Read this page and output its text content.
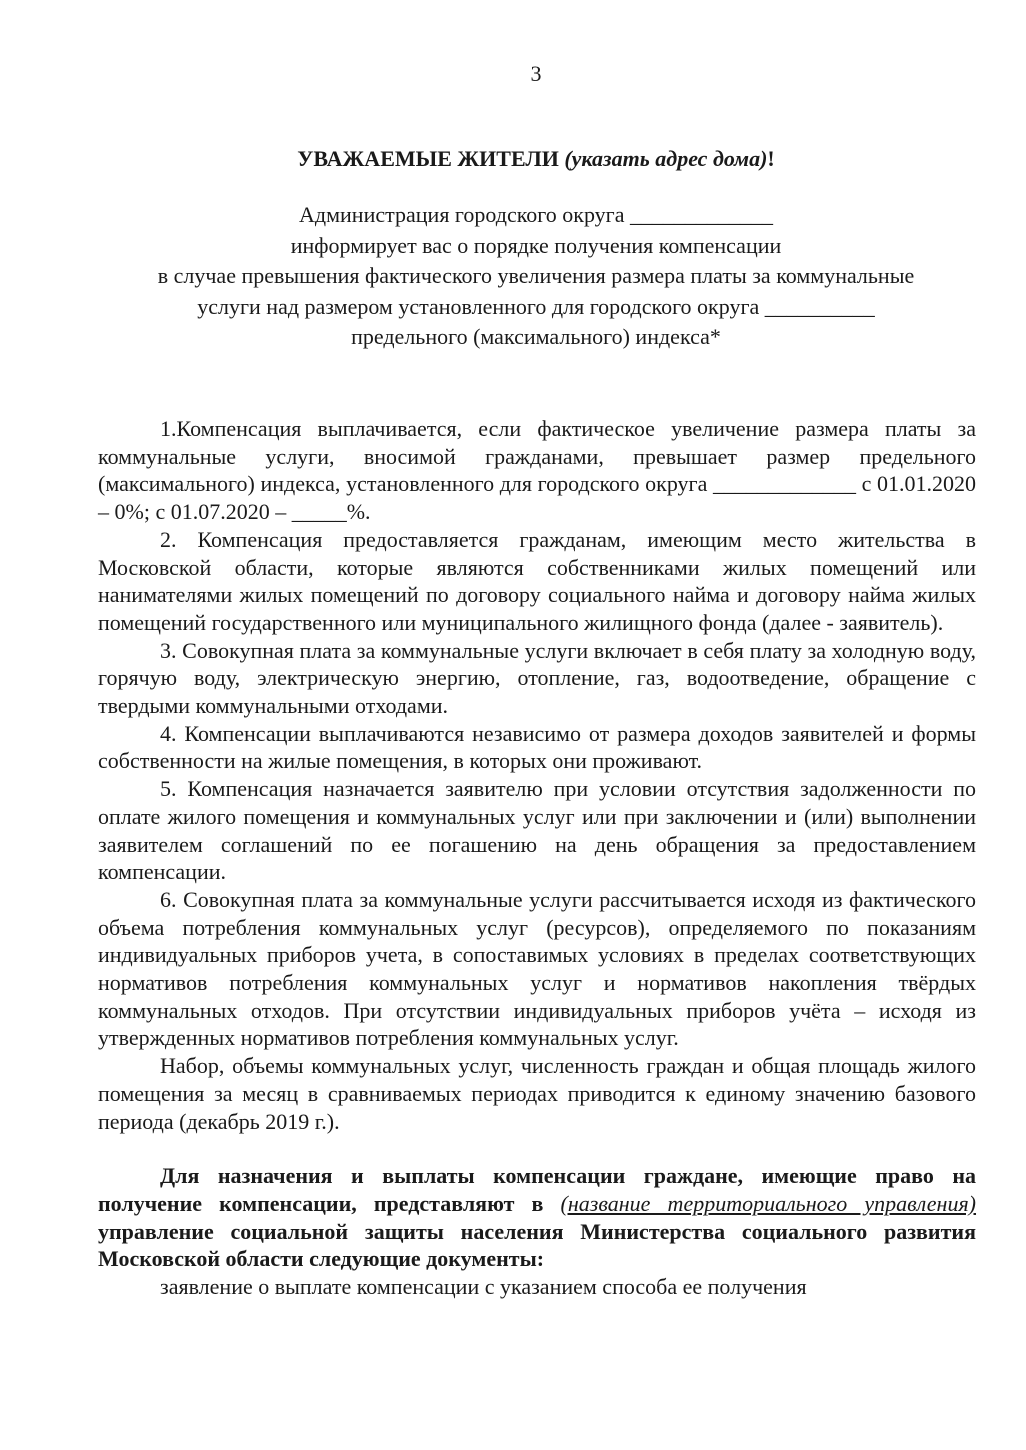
3
УВАЖАЕМЫЕ ЖИТЕЛИ (указать адрес дома)!
Администрация городского округа _____________
информирует вас о порядке получения компенсации
в случае превышения фактического увеличения размера платы за коммунальные
услуги над размером установленного для городского округа __________
предельного (максимального) индекса*

1.Компенсация выплачивается, если фактическое увеличение размера платы за коммунальные услуги, вносимой гражданами, превышает размер предельного (максимального) индекса, установленного для городского округа _____________ с 01.01.2020 – 0%; с 01.07.2020 – _____%.

2. Компенсация предоставляется гражданам, имеющим место жительства в Московской области, которые являются собственниками жилых помещений или нанимателями жилых помещений по договору социального найма и договору найма жилых помещений государственного или муниципального жилищного фонда (далее - заявитель).

3. Совокупная плата за коммунальные услуги включает в себя плату за холодную воду, горячую воду, электрическую энергию, отопление, газ, водоотведение, обращение с твердыми коммунальными отходами.

4. Компенсации выплачиваются независимо от размера доходов заявителей и формы собственности на жилые помещения, в которых они проживают.

5. Компенсация назначается заявителю при условии отсутствия задолженности по оплате жилого помещения и коммунальных услуг или при заключении и (или) выполнении заявителем соглашений по ее погашению на день обращения за предоставлением компенсации.

6. Совокупная плата за коммунальные услуги рассчитывается исходя из фактического объема потребления коммунальных услуг (ресурсов), определяемого по показаниям индивидуальных приборов учета, в сопоставимых условиях в пределах соответствующих нормативов потребления коммунальных услуг и нормативов накопления твёрдых коммунальных отходов. При отсутствии индивидуальных приборов учёта – исходя из утвержденных нормативов потребления коммунальных услуг.

Набор, объемы коммунальных услуг, численность граждан и общая площадь жилого помещения за месяц в сравниваемых периодах приводится к единому значению базового периода (декабрь 2019 г.).

Для назначения и выплаты компенсации граждане, имеющие право на получение компенсации, представляют в (название территориального управления) управление социальной защиты населения Министерства социального развития Московской области следующие документы:

заявление о выплате компенсации с указанием способа ее получения
